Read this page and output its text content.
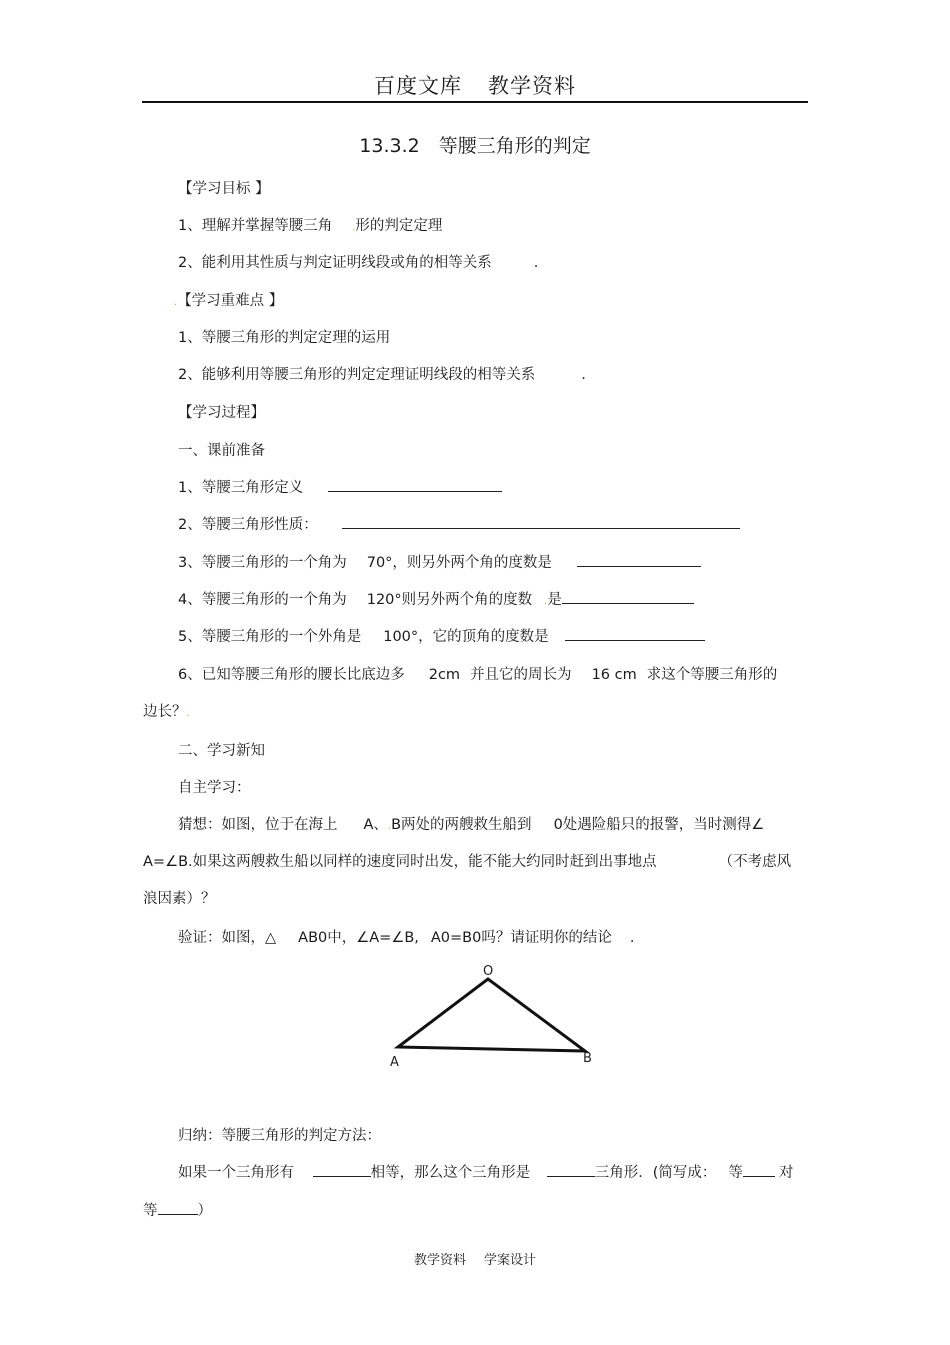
百度文库 教学资料
13.3.2　等腰三角形的判定
【学习目标 】
1、理解并掌握等腰三角 .形的判定定理
2、能利用其性质与判定证明线段或角的相等关系	.
.【学习重难点 】
1、等腰三角形的判定定理的运用
2、能够利用等腰三角形的判定定理证明线段的相等关系	.
【学习过程】
一、课前准备
1、等腰三角形定义
2、等腰三角形性质：
3、等腰三角形的一个角为 70°，则另外两个角的度数是
4、等腰三角形的一个角为 120°则另外两个角的度数 .是
5、等腰三角形的一个外角是 100°，它的顶角的度数是
6、已知等腰三角形的腰长比底边多 2cm 并且它的周长为 16 cm 求这个等腰三角形的
边长？.
二、学习新知
自主学习：
猜想：如图，位于在海上 A、.B两处的两艘救生船到 0处遇险船只的报警，当时测得∠
A=∠B.如果这两艘救生船以同样的速度同时出发，能不能大约同时赶到出事地点	（不考虑风
浪因素）？
验证：如图，△ AB0中，∠A=∠B, A0=B0吗？请证明你的结论 .
A	B
O
归纳：等腰三角形的判定方法：
如果一个三角形有	相等，那么这个三角形是	三角形．(简写成： 等 对
等	）
教学资料 学案设计
